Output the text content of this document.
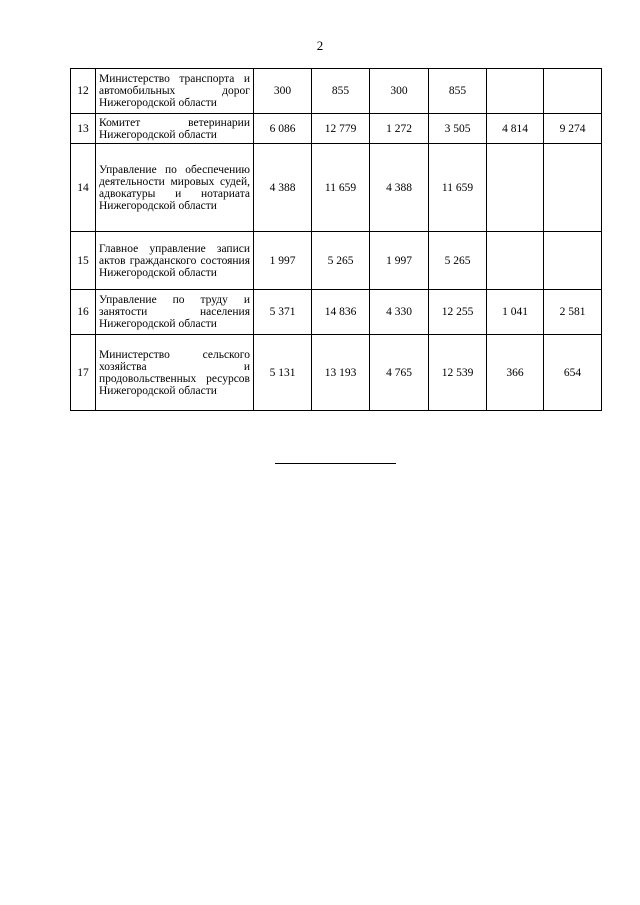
2
12	Министерство транспорта и автомобильных дорог Нижегородской области	300	855	300	855		
13	Комитет ветеринарии Нижегородской области	6 086	12 779	1 272	3 505	4 814	9 274
14	Управление по обеспечению деятельности мировых судей, адвокатуры и нотариата Нижегородской области	4 388	11 659	4 388	11 659		
15	Главное управление записи актов гражданского состояния Нижегородской области	1 997	5 265	1 997	5 265		
16	Управление по труду и занятости населения Нижегородской области	5 371	14 836	4 330	12 255	1 041	2 581
17	Министерство сельского хозяйства и продовольственных ресурсов Нижегородской области	5 131	13 193	4 765	12 539	366	654
